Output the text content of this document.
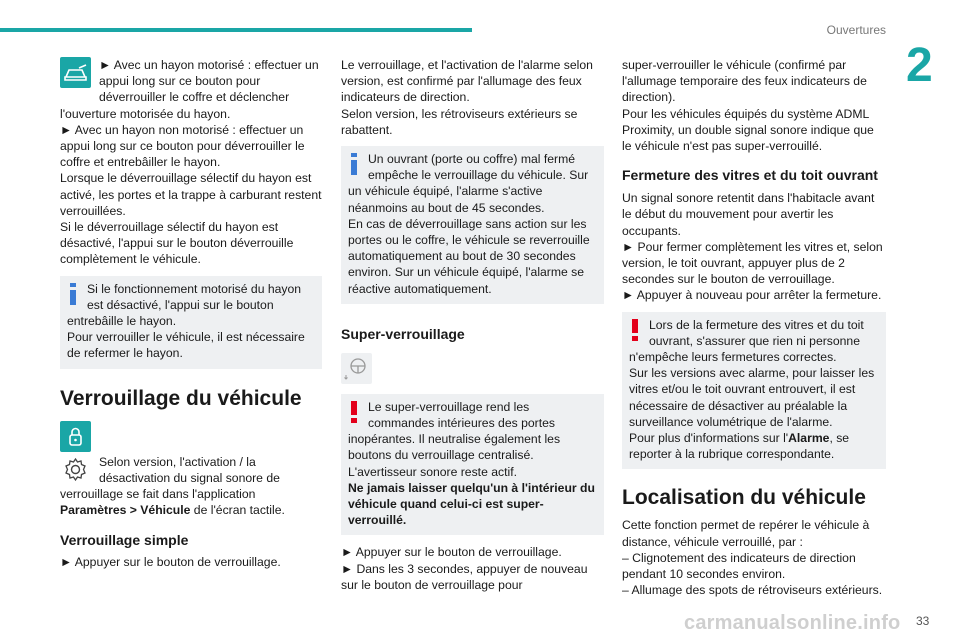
Ouvertures
2

► Avec un hayon motorisé : effectuer un appui long sur ce bouton pour déverrouiller le coffre et déclencher l'ouverture motorisée du hayon.

► Avec un hayon non motorisé : effectuer un appui long sur ce bouton pour déverrouiller le coffre et entrebâiller le hayon.

Lorsque le déverrouillage sélectif du hayon est activé, les portes et la trappe à carburant restent verrouillées.

Si le déverrouillage sélectif du hayon est désactivé, l'appui sur le bouton déverrouille complètement le véhicule.

Si le fonctionnement motorisé du hayon est désactivé, l'appui sur le bouton entrebâille le hayon.

Pour verrouiller le véhicule, il est nécessaire de refermer le hayon.

Verrouillage du véhicule

Selon version, l'activation / la désactivation du signal sonore de verrouillage se fait dans l'application Paramètres > Véhicule de l'écran tactile.

Verrouillage simple

► Appuyer sur le bouton de verrouillage.

Le verrouillage, et l'activation de l'alarme selon version, est confirmé par l'allumage des feux indicateurs de direction.

Selon version, les rétroviseurs extérieurs se rabattent.

Un ouvrant (porte ou coffre) mal fermé empêche le verrouillage du véhicule. Sur un véhicule équipé, l'alarme s'active néanmoins au bout de 45 secondes.

En cas de déverrouillage sans action sur les portes ou le coffre, le véhicule se reverrouille automatiquement au bout de 30 secondes environ. Sur un véhicule équipé, l'alarme se réactive automatiquement.

Super-verrouillage

Le super-verrouillage rend les commandes intérieures des portes inopérantes. Il neutralise également les boutons du verrouillage centralisé.

L'avertisseur sonore reste actif.

Ne jamais laisser quelqu'un à l'intérieur du véhicule quand celui-ci est super-verrouillé.

► Appuyer sur le bouton de verrouillage.

► Dans les 3 secondes, appuyer de nouveau sur le bouton de verrouillage pour

super-verrouiller le véhicule (confirmé par l'allumage temporaire des feux indicateurs de direction).

Pour les véhicules équipés du système ADML Proximity, un double signal sonore indique que le véhicule n'est pas super-verrouillé.

Fermeture des vitres et du toit ouvrant

Un signal sonore retentit dans l'habitacle avant le début du mouvement pour avertir les occupants.

► Pour fermer complètement les vitres et, selon version, le toit ouvrant, appuyer plus de 2 secondes sur le bouton de verrouillage.

► Appuyer à nouveau pour arrêter la fermeture.

Lors de la fermeture des vitres et du toit ouvrant, s'assurer que rien ni personne n'empêche leurs fermetures correctes.

Sur les versions avec alarme, pour laisser les vitres et/ou le toit ouvrant entrouvert, il est nécessaire de désactiver au préalable la surveillance volumétrique de l'alarme.

Pour plus d'informations sur l'Alarme, se reporter à la rubrique correspondante.

Localisation du véhicule

Cette fonction permet de repérer le véhicule à distance, véhicule verrouillé, par :

– Clignotement des indicateurs de direction pendant 10 secondes environ.

– Allumage des spots de rétroviseurs extérieurs.

carmanualsonline.info 33
